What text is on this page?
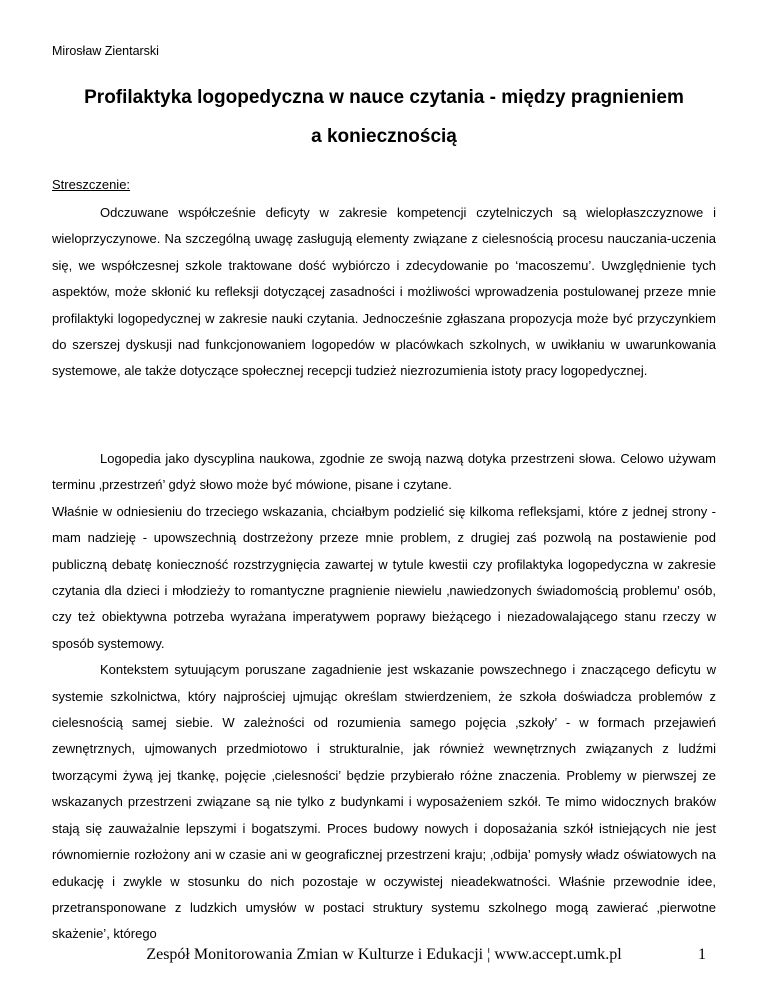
Mirosław Zientarski
Profilaktyka logopedyczna w nauce czytania - między pragnieniem
a koniecznością
Streszczenie:

Odczuwane współcześnie deficyty w zakresie kompetencji czytelniczych są wielopłaszczyznowe i wieloprzyczynowe. Na szczególną uwagę zasługują elementy związane z cielesnością procesu nauczania-uczenia się, we współczesnej szkole traktowane dość wybiórczo i zdecydowanie po ‘macoszemu’. Uwzględnienie tych aspektów, może skłonić ku refleksji dotyczącej zasadności i możliwości wprowadzenia postulowanej przeze mnie profilaktyki logopedycznej w zakresie nauki czytania. Jednocześnie zgłaszana propozycja może być przyczynkiem do szerszej dyskusji nad funkcjonowaniem logopedów w placówkach szkolnych, w uwikłaniu w uwarunkowania systemowe, ale także dotyczące społecznej recepcji tudzież niezrozumienia istoty pracy logopedycznej.

Logopedia jako dyscyplina naukowa, zgodnie ze swoją nazwą dotyka przestrzeni słowa. Celowo używam terminu ‚przestrzeń’ gdyż słowo może być mówione, pisane i czytane.

Właśnie w odniesieniu do trzeciego wskazania, chciałbym podzielić się kilkoma refleksjami, które z jednej strony - mam nadzieję - upowszechnią dostrzeżony przeze mnie problem, z drugiej zaś pozwolą na postawienie pod publiczną debatę konieczność rozstrzygnięcia zawartej w tytule kwestii czy profilaktyka logopedyczna w zakresie czytania dla dzieci i młodzieży to romantyczne pragnienie niewielu ‚nawiedzonych świadomością problemu’ osób, czy też obiektywna potrzeba wyrażana imperatywem poprawy bieżącego i niezadowalającego stanu rzeczy w sposób systemowy.

Kontekstem sytuującym poruszane zagadnienie jest wskazanie powszechnego i znaczącego deficytu w systemie szkolnictwa, który najprościej ujmując określam stwierdzeniem, że szkoła doświadcza problemów z cielesnością samej siebie. W zależności od rozumienia samego pojęcia ‚szkoły’ - w formach przejawień zewnętrznych, ujmowanych przedmiotowo i strukturalnie, jak również wewnętrznych związanych z ludźmi tworzącymi żywą jej tkankę, pojęcie ‚cielesności’ będzie przybierało różne znaczenia. Problemy w pierwszej ze wskazanych przestrzeni związane są nie tylko z budynkami i wyposażeniem szkół. Te mimo widocznych braków stają się zauważalnie lepszymi i bogatszymi. Proces budowy nowych i doposażania szkół istniejących nie jest równomiernie rozłożony ani w czasie ani w geograficznej przestrzeni kraju; ‚odbija’ pomysły władz oświatowych na edukację i zwykle w stosunku do nich pozostaje w oczywistej nieadekwatności. Właśnie przewodnie idee, przetransponowane z ludzkich umysłów w postaci struktury systemu szkolnego mogą zawierać ‚pierwotne skażenie’, którego

Zespół Monitorowania Zmian w Kulturze i Edukacji ¦ www.accept.umk.pl	1
